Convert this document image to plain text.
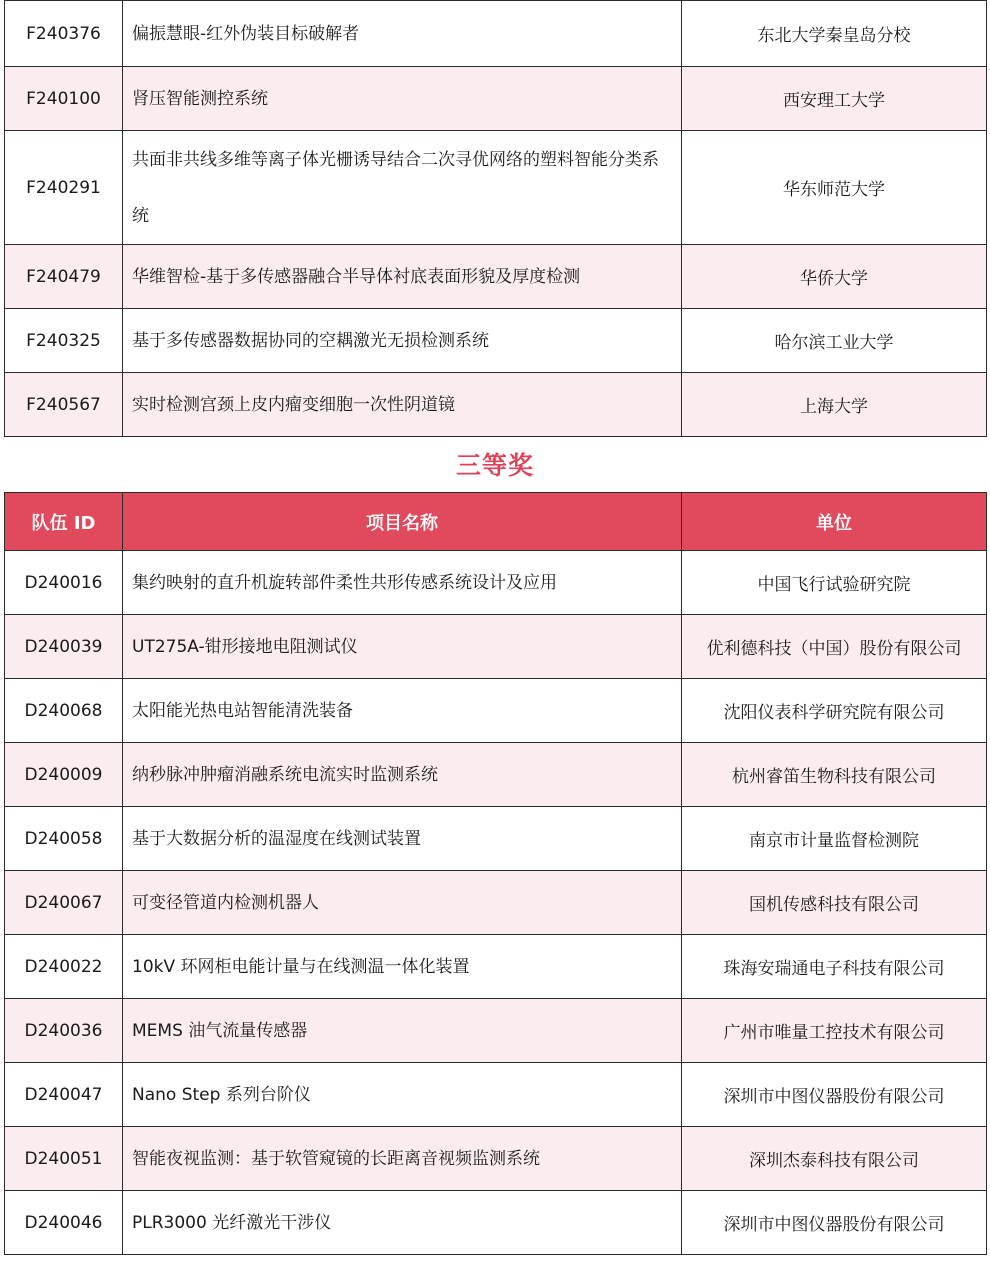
F240376	偏振慧眼-红外伪装目标破解者	东北大学秦皇岛分校
F240100	肾压智能测控系统	西安理工大学
F240291	共面非共线多维等离子体光栅诱导结合二次寻优网络的塑料智能分类系统	华东师范大学
F240479	华维智检-基于多传感器融合半导体衬底表面形貌及厚度检测	华侨大学
F240325	基于多传感器数据协同的空耦激光无损检测系统	哈尔滨工业大学
F240567	实时检测宫颈上皮内瘤变细胞一次性阴道镜	上海大学
三等奖
队伍 ID	项目名称	单位
D240016	集约映射的直升机旋转部件柔性共形传感系统设计及应用	中国飞行试验研究院
D240039	UT275A-钳形接地电阻测试仪	优利德科技（中国）股份有限公司
D240068	太阳能光热电站智能清洗装备	沈阳仪表科学研究院有限公司
D240009	纳秒脉冲肿瘤消融系统电流实时监测系统	杭州睿笛生物科技有限公司
D240058	基于大数据分析的温湿度在线测试装置	南京市计量监督检测院
D240067	可变径管道内检测机器人	国机传感科技有限公司
D240022	10kV 环网柜电能计量与在线测温一体化装置	珠海安瑞通电子科技有限公司
D240036	MEMS 油气流量传感器	广州市唯量工控技术有限公司
D240047	Nano Step 系列台阶仪	深圳市中图仪器股份有限公司
D240051	智能夜视监测：基于软管窥镜的长距离音视频监测系统	深圳杰泰科技有限公司
D240046	PLR3000 光纤激光干涉仪	深圳市中图仪器股份有限公司
